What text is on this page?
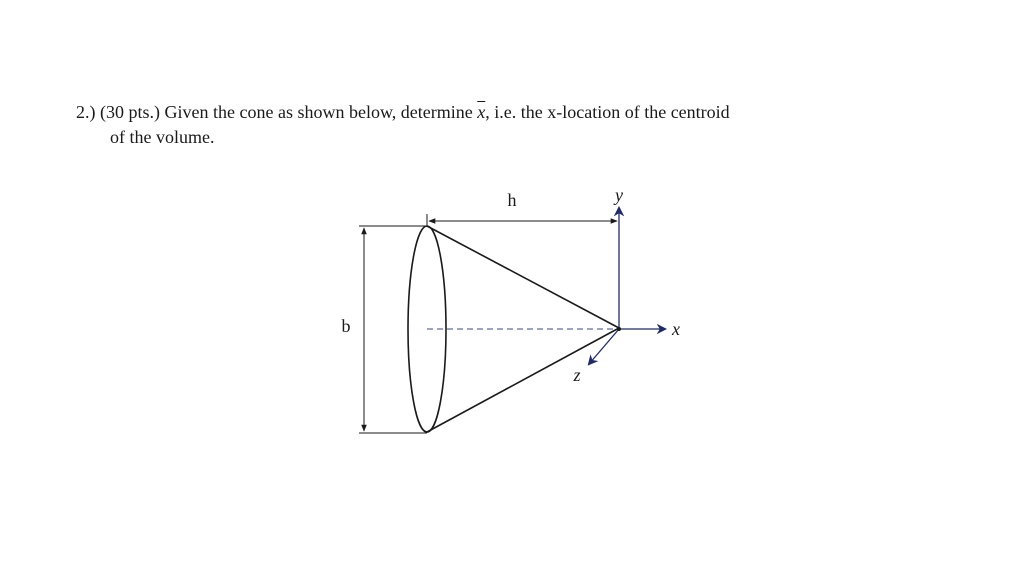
2.) (30 pts.) Given the cone as shown below, determine $\overline{x}$, i.e. the x-location of the centroid
of the volume.
h
b
y
x
z
